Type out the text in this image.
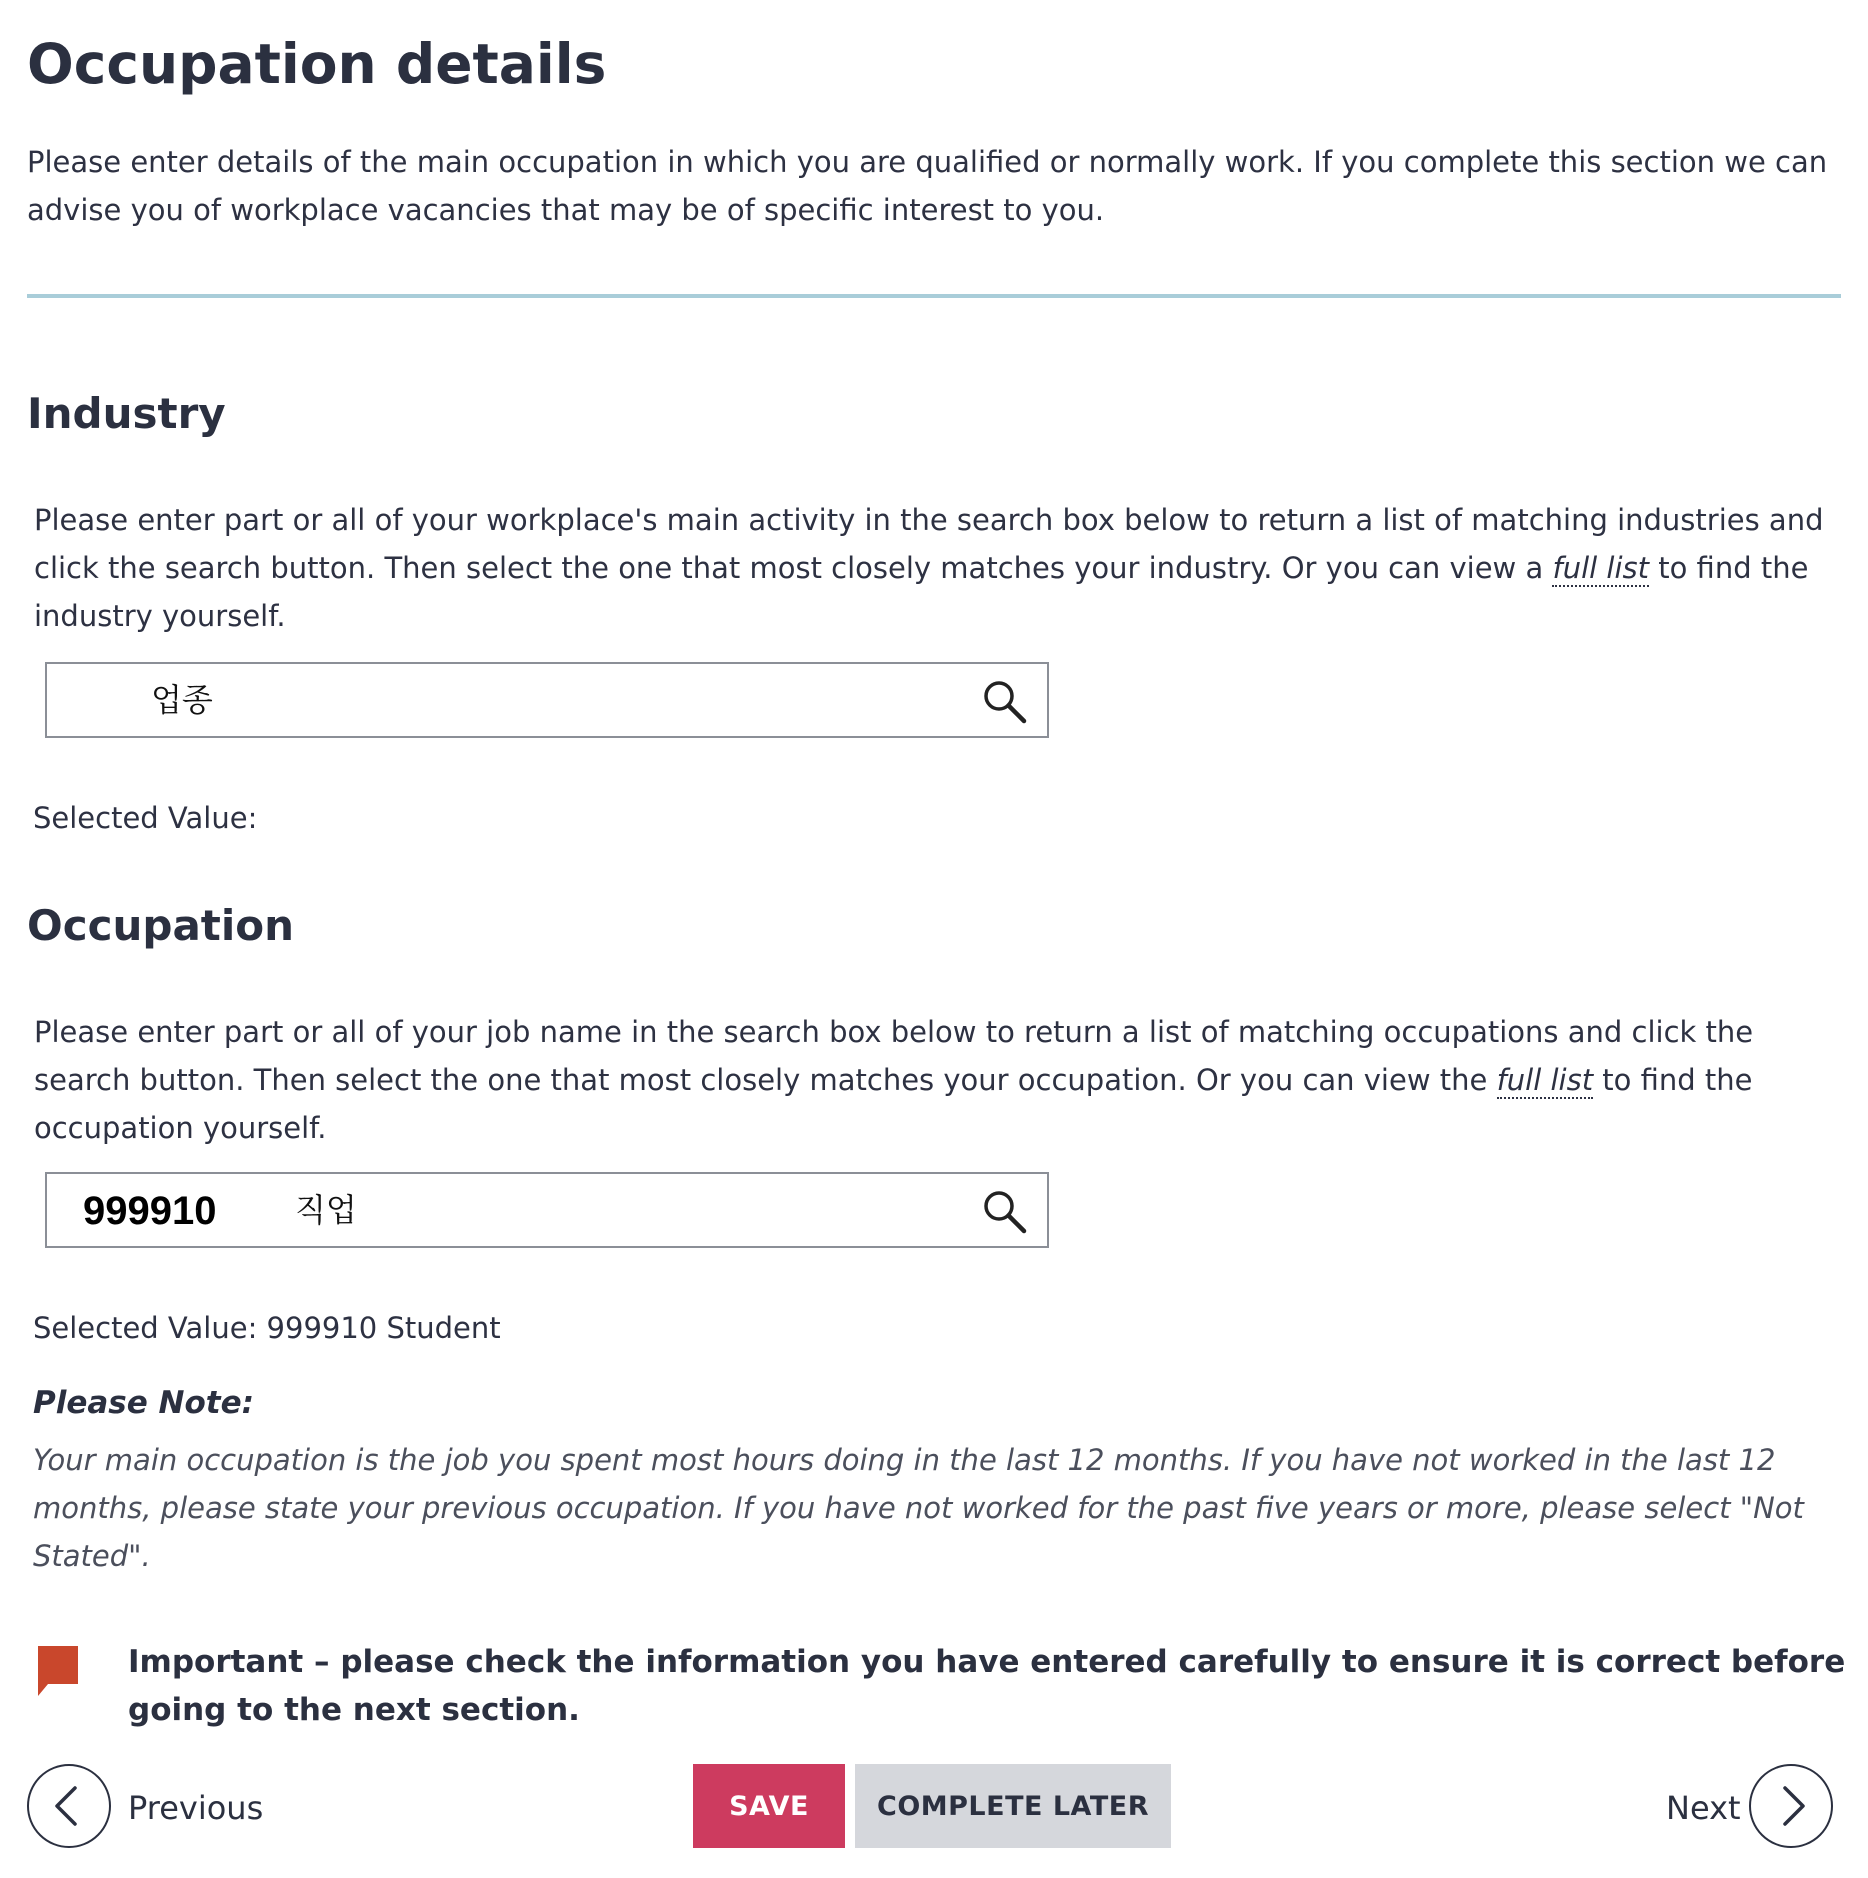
Occupation details

Please enter details of the main occupation in which you are qualified or normally work. If you complete this section we can advise you of workplace vacancies that may be of specific interest to you.

Industry

Please enter part or all of your workplace's main activity in the search box below to return a list of matching industries and click the search button. Then select the one that most closely matches your industry. Or you can view a full list to find the industry yourself.

업종

Selected Value:

Occupation

Please enter part or all of your job name in the search box below to return a list of matching occupations and click the search button. Then select the one that most closely matches your occupation. Or you can view the full list to find the occupation yourself.

999910 직업

Selected Value: 999910 Student

Please Note:

Your main occupation is the job you spent most hours doing in the last 12 months. If you have not worked in the last 12 months, please state your previous occupation. If you have not worked for the past five years or more, please select "Not Stated".

Important – please check the information you have entered carefully to ensure it is correct before going to the next section.

Previous	SAVE	COMPLETE LATER	Next
